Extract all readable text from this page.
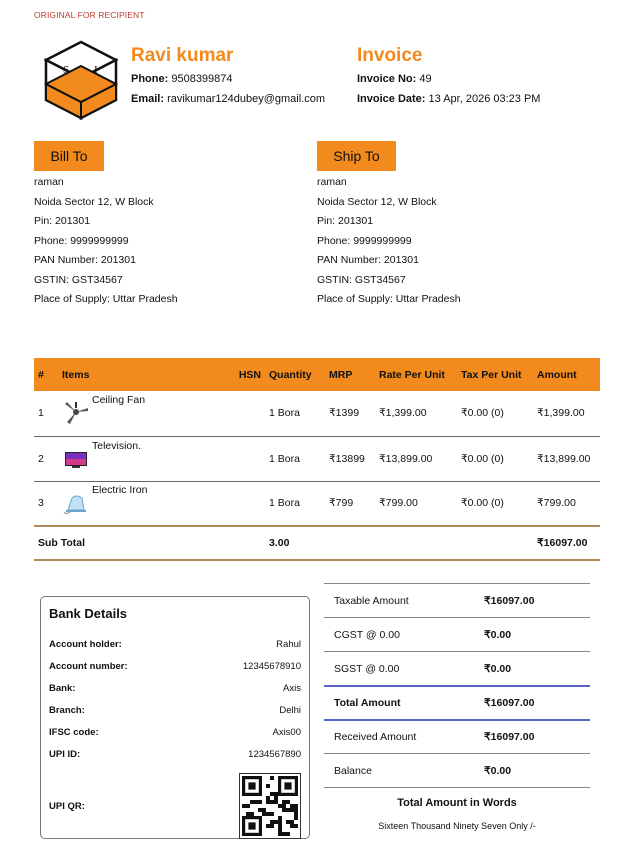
ORIGINAL FOR RECIPIENT
S I
Ravi kumar
Phone: 9508399874
Email: ravikumar124dubey@gmail.com
Invoice
Invoice No: 49
Invoice Date: 13 Apr, 2026 03:23 PM
Bill To
raman
Noida Sector 12, W Block
Pin: 201301
Phone: 9999999999
PAN Number: 201301
GSTIN: GST34567
Place of Supply: Uttar Pradesh
Ship To
raman
Noida Sector 12, W Block
Pin: 201301
Phone: 9999999999
PAN Number: 201301
GSTIN: GST34567
Place of Supply: Uttar Pradesh
#	Items	HSN	Quantity	MRP	Rate Per Unit	Tax Per Unit	Amount
1	Ceiling Fan		1 Bora	₹1399	₹1,399.00	₹0.00 (0)	₹1,399.00
2	Television.		1 Bora	₹13899	₹13,899.00	₹0.00 (0)	₹13,899.00
3	Electric Iron		1 Bora	₹799	₹799.00	₹0.00 (0)	₹799.00
Sub Total			3.00				₹16097.00
Bank Details
Account holder:	Rahul
Account number:	12345678910
Bank:	Axis
Branch:	Delhi
IFSC code:	Axis00
UPI ID:	1234567890
UPI QR:
Taxable Amount	₹16097.00
CGST @ 0.00	₹0.00
SGST @ 0.00	₹0.00
Total Amount	₹16097.00
Received Amount	₹16097.00
Balance	₹0.00
Total Amount in Words
Sixteen Thousand Ninety Seven Only /-
